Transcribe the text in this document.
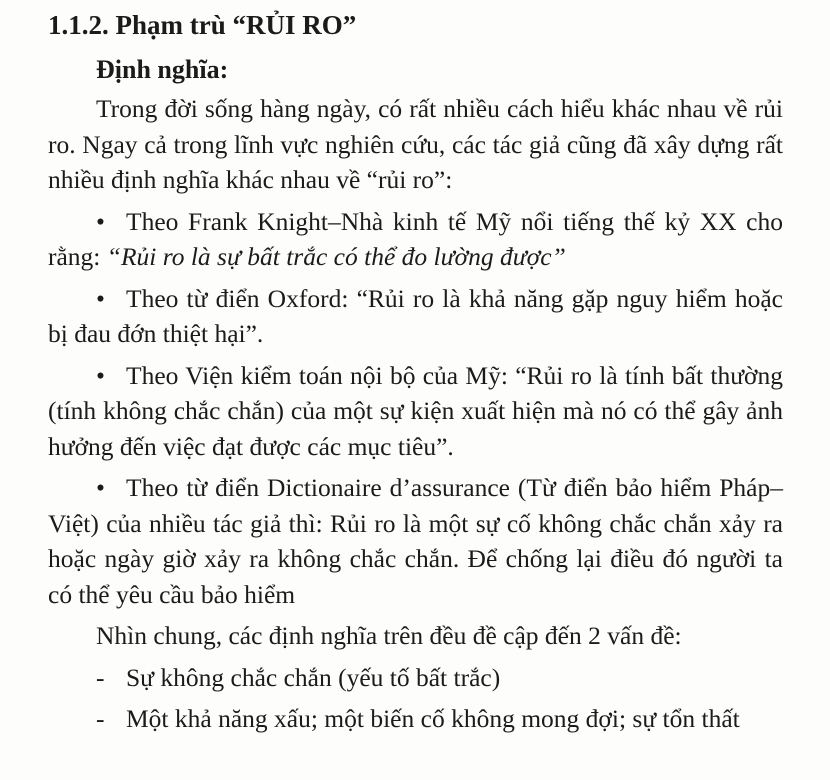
1.1.2. Phạm trù “RỦI RO”
Định nghĩa:

Trong đời sống hàng ngày, có rất nhiều cách hiểu khác nhau về rủi ro. Ngay cả trong lĩnh vực nghiên cứu, các tác giả cũng đã xây dựng rất nhiều định nghĩa khác nhau về “rủi ro”:

• Theo Frank Knight–Nhà kinh tế Mỹ nổi tiếng thế kỷ XX cho rằng: “Rủi ro là sự bất trắc có thể đo lường được”

• Theo từ điển Oxford: “Rủi ro là khả năng gặp nguy hiểm hoặc bị đau đớn thiệt hại”.

• Theo Viện kiểm toán nội bộ của Mỹ: “Rủi ro là tính bất thường (tính không chắc chắn) của một sự kiện xuất hiện mà nó có thể gây ảnh hưởng đến việc đạt được các mục tiêu”.

• Theo từ điển Dictionaire d’assurance (Từ điển bảo hiểm Pháp–Việt) của nhiều tác giả thì: Rủi ro là một sự cố không chắc chắn xảy ra hoặc ngày giờ xảy ra không chắc chắn. Để chống lại điều đó người ta có thể yêu cầu bảo hiểm

Nhìn chung, các định nghĩa trên đều đề cập đến 2 vấn đề:

- Sự không chắc chắn (yếu tố bất trắc)

- Một khả năng xấu; một biến cố không mong đợi; sự tổn thất
